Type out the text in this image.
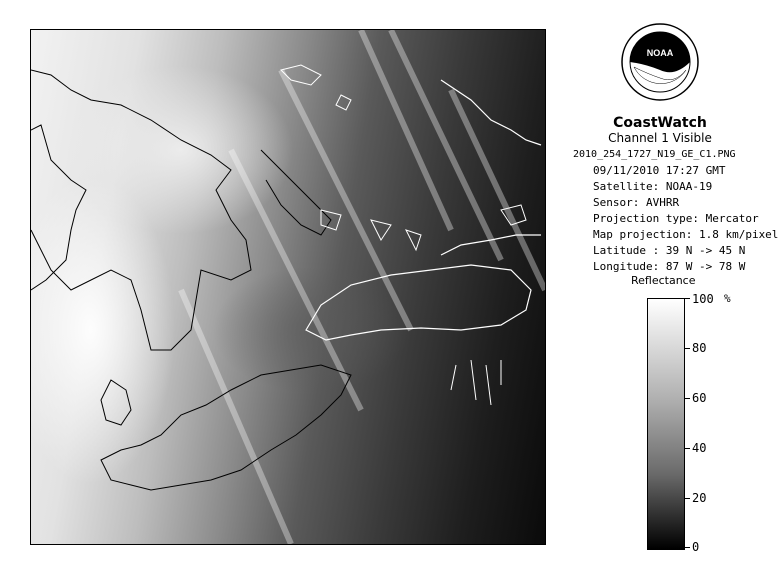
NOAA
CoastWatch
Channel 1 Visible
2010_254_1727_N19_GE_C1.PNG
09/11/2010 17:27 GMT
Satellite: NOAA-19
Sensor: AVHRR
Projection type: Mercator
Map projection: 1.8 km/pixel
Latitude : 39 N -> 45 N
Longitude: 87 W -> 78 W
Reflectance
%
100
80
60
40
20
0
